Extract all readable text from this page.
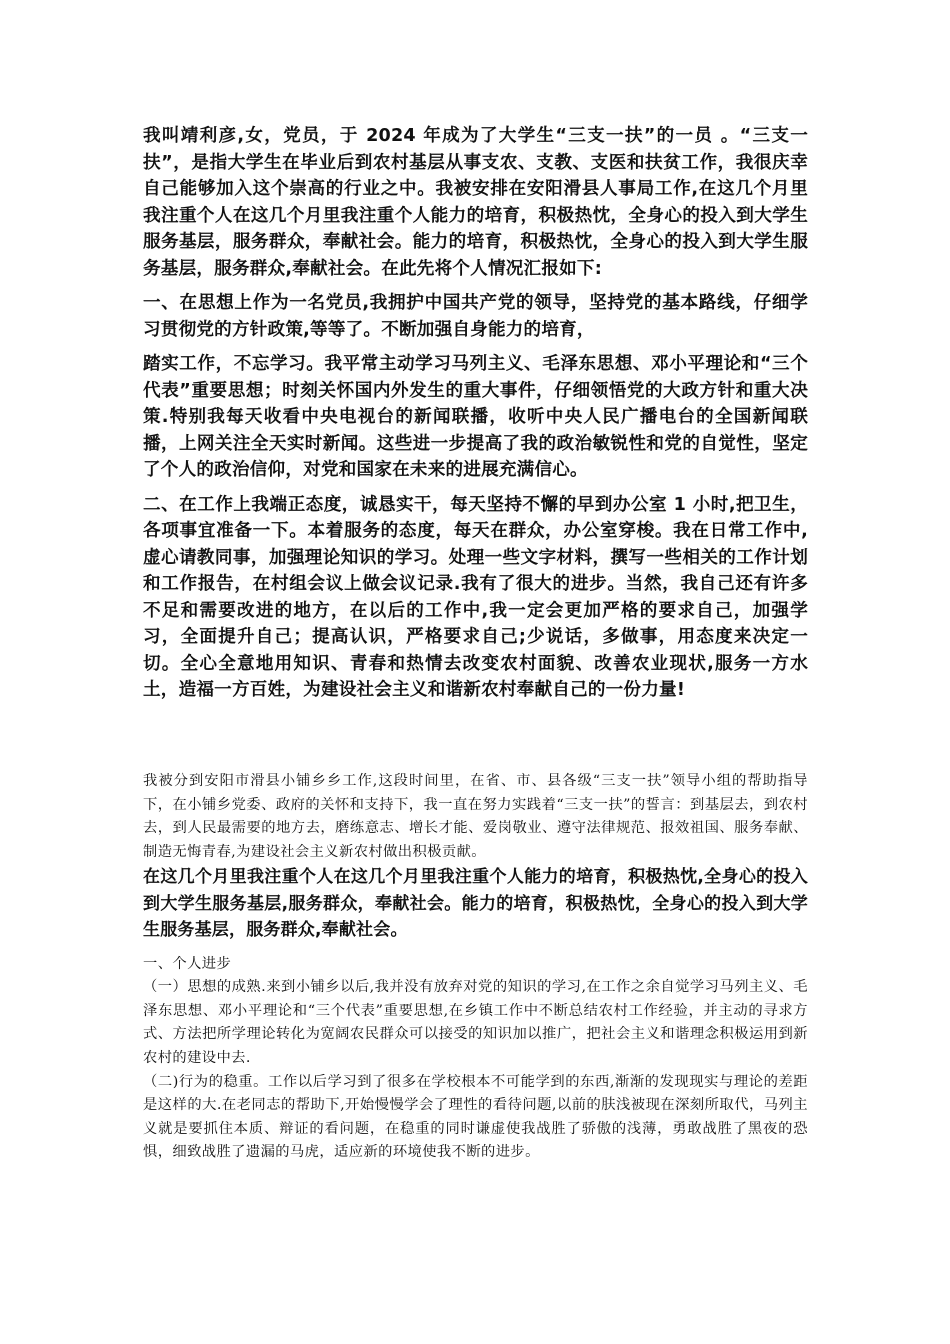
我叫靖利彦,女，党员，于 2024 年成为了大学生“三支一扶”的一员 。“三支一扶”，是指大学生在毕业后到农村基层从事支农、支教、支医和扶贫工作，我很庆幸自己能够加入这个崇高的行业之中。我被安排在安阳滑县人事局工作,在这几个月里我注重个人在这几个月里我注重个人能力的培育，积极热忱，全身心的投入到大学生服务基层，服务群众，奉献社会。能力的培育，积极热忱，全身心的投入到大学生服务基层，服务群众,奉献社会。在此先将个人情况汇报如下:

一、在思想上作为一名党员,我拥护中国共产党的领导，坚持党的基本路线，仔细学习贯彻党的方针政策,等等了。不断加强自身能力的培育，

踏实工作，不忘学习。我平常主动学习马列主义、毛泽东思想、邓小平理论和“三个代表”重要思想；时刻关怀国内外发生的重大事件，仔细领悟党的大政方针和重大决策.特别我每天收看中央电视台的新闻联播，收听中央人民广播电台的全国新闻联播，上网关注全天实时新闻。这些进一步提高了我的政治敏锐性和党的自觉性，坚定了个人的政治信仰，对党和国家在未来的进展充满信心。

二、在工作上我端正态度，诚恳实干，每天坚持不懈的早到办公室 1 小时,把卫生，各项事宜准备一下。本着服务的态度，每天在群众，办公室穿梭。我在日常工作中,虚心请教同事，加强理论知识的学习。处理一些文字材料，撰写一些相关的工作计划和工作报告，在村组会议上做会议记录.我有了很大的进步。当然，我自己还有许多不足和需要改进的地方，在以后的工作中,我一定会更加严格的要求自己，加强学习，全面提升自己；提高认识，严格要求自己;少说话，多做事，用态度来决定一切。全心全意地用知识、青春和热情去改变农村面貌、改善农业现状,服务一方水土，造福一方百姓，为建设社会主义和谐新农村奉献自己的一份力量!

我被分到安阳市滑县小铺乡乡工作,这段时间里，在省、市、县各级“三支一扶”领导小组的帮助指导下，在小铺乡党委、政府的关怀和支持下，我一直在努力实践着“三支一扶”的誓言：到基层去，到农村去，到人民最需要的地方去，磨练意志、增长才能、爱岗敬业、遵守法律规范、报效祖国、服务奉献、制造无悔青春,为建设社会主义新农村做出积极贡献。

在这几个月里我注重个人在这几个月里我注重个人能力的培育，积极热忱,全身心的投入到大学生服务基层,服务群众，奉献社会。能力的培育，积极热忱，全身心的投入到大学生服务基层，服务群众,奉献社会。

一、个人进步

（一）思想的成熟.来到小铺乡以后,我并没有放弃对党的知识的学习,在工作之余自觉学习马列主义、毛泽东思想、邓小平理论和“三个代表”重要思想,在乡镇工作中不断总结农村工作经验，并主动的寻求方式、方法把所学理论转化为宽阔农民群众可以接受的知识加以推广，把社会主义和谐理念积极运用到新农村的建设中去.

（二)行为的稳重。工作以后学习到了很多在学校根本不可能学到的东西,渐渐的发现现实与理论的差距是这样的大.在老同志的帮助下,开始慢慢学会了理性的看待问题,以前的肤浅被现在深刻所取代，马列主义就是要抓住本质、辩证的看问题，在稳重的同时谦虚使我战胜了骄傲的浅薄，勇敢战胜了黑夜的恐惧，细致战胜了遗漏的马虎，适应新的环境使我不断的进步。
